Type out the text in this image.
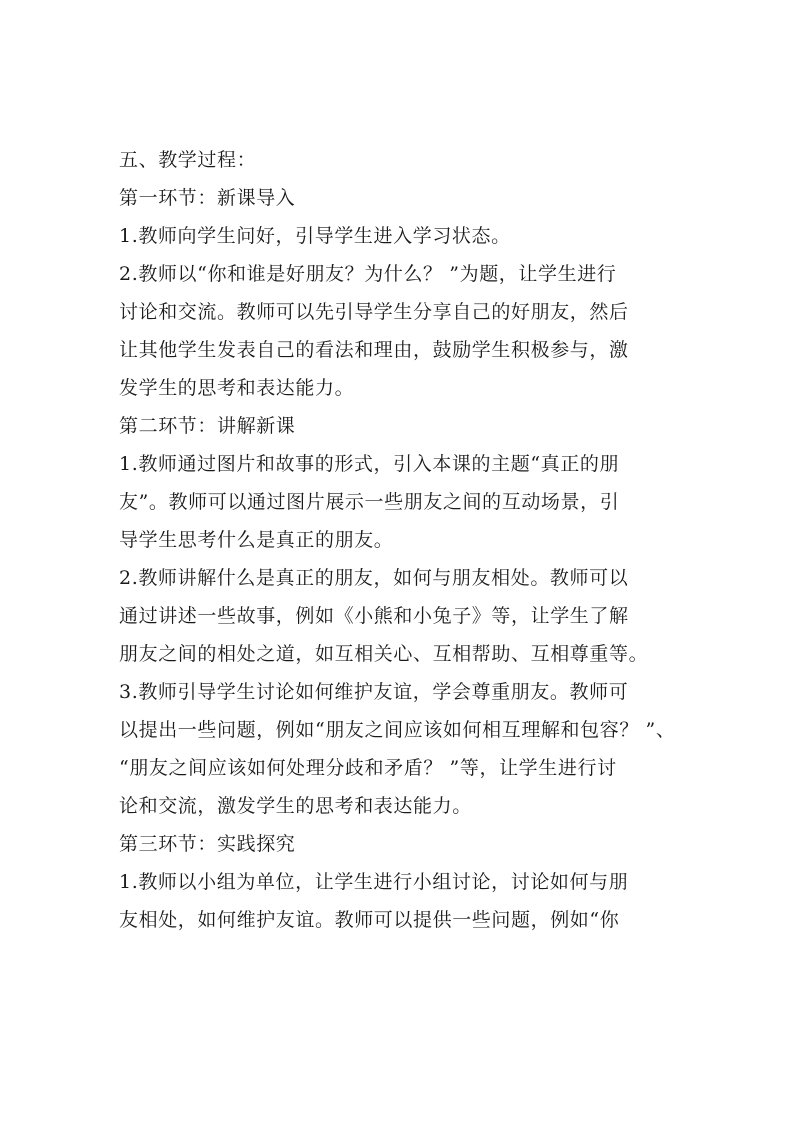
五、教学过程：

第一环节：新课导入

1.教师向学生问好，引导学生进入学习状态。

2.教师以“你和谁是好朋友？为什么？ ”为题，让学生进行

讨论和交流。教师可以先引导学生分享自己的好朋友，然后

让其他学生发表自己的看法和理由，鼓励学生积极参与，激

发学生的思考和表达能力。

第二环节：讲解新课

1.教师通过图片和故事的形式，引入本课的主题“真正的朋

友”。教师可以通过图片展示一些朋友之间的互动场景，引

导学生思考什么是真正的朋友。

2.教师讲解什么是真正的朋友，如何与朋友相处。教师可以

通过讲述一些故事，例如《小熊和小兔子》等，让学生了解

朋友之间的相处之道，如互相关心、互相帮助、互相尊重等。

3.教师引导学生讨论如何维护友谊，学会尊重朋友。教师可

以提出一些问题，例如“朋友之间应该如何相互理解和包容？ ”、

“朋友之间应该如何处理分歧和矛盾？ ”等，让学生进行讨

论和交流，激发学生的思考和表达能力。

第三环节：实践探究

1.教师以小组为单位，让学生进行小组讨论，讨论如何与朋

友相处，如何维护友谊。教师可以提供一些问题，例如“你
